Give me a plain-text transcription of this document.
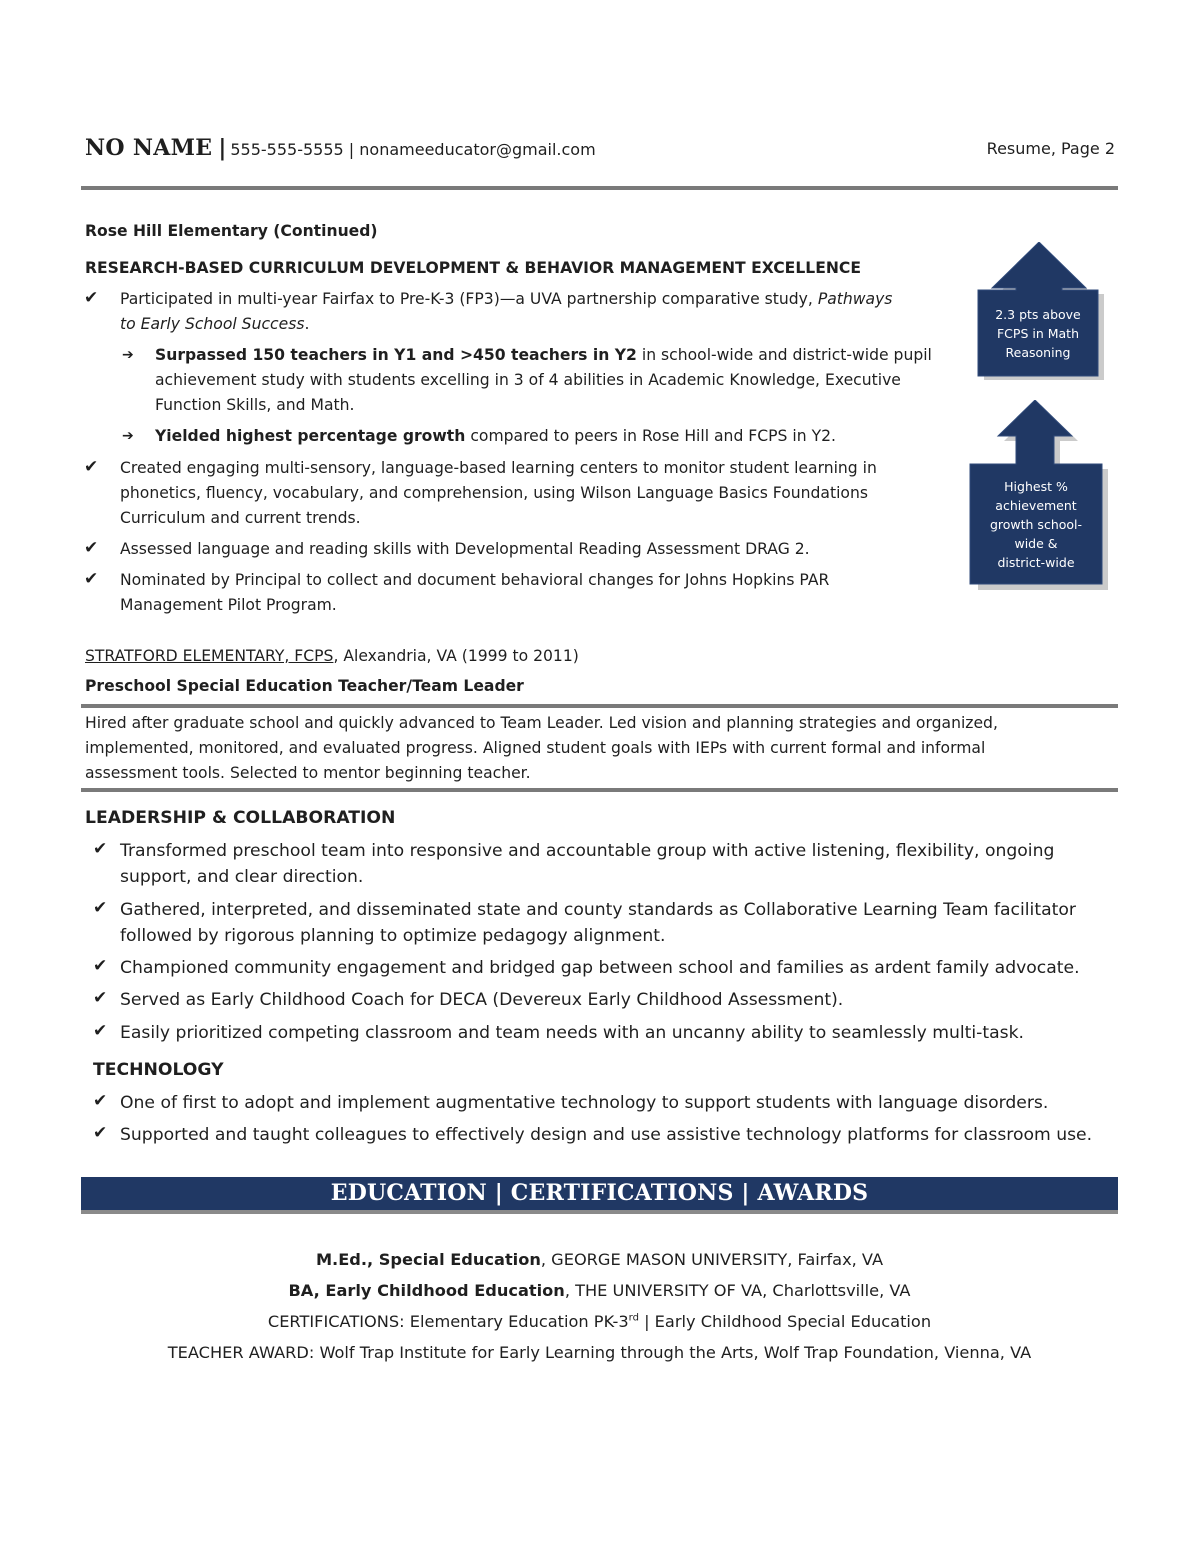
NO NAME | 555-555-5555 | nonameeducator@gmail.com	Resume, Page 2
Rose Hill Elementary (Continued)
RESEARCH-BASED CURRICULUM DEVELOPMENT & BEHAVIOR MANAGEMENT EXCELLENCE
✔ Participated in multi-year Fairfax to Pre-K-3 (FP3)—a UVA partnership comparative study, Pathways
to Early School Success.
➔ Surpassed 150 teachers in Y1 and >450 teachers in Y2 in school-wide and district-wide pupil
achievement study with students excelling in 3 of 4 abilities in Academic Knowledge, Executive
Function Skills, and Math.
➔ Yielded highest percentage growth compared to peers in Rose Hill and FCPS in Y2.
✔ Created engaging multi-sensory, language-based learning centers to monitor student learning in
phonetics, fluency, vocabulary, and comprehension, using Wilson Language Basics Foundations
Curriculum and current trends.
✔ Assessed language and reading skills with Developmental Reading Assessment DRAG 2.
✔ Nominated by Principal to collect and document behavioral changes for Johns Hopkins PAR
Management Pilot Program.
2.3 pts above
FCPS in Math
Reasoning
Highest %
achievement
growth school-
wide &
district-wide
STRATFORD ELEMENTARY, FCPS, Alexandria, VA (1999 to 2011)
Preschool Special Education Teacher/Team Leader
Hired after graduate school and quickly advanced to Team Leader. Led vision and planning strategies and organized,
implemented, monitored, and evaluated progress. Aligned student goals with IEPs with current formal and informal
assessment tools. Selected to mentor beginning teacher.
LEADERSHIP & COLLABORATION
✔ Transformed preschool team into responsive and accountable group with active listening, flexibility, ongoing
support, and clear direction.
✔ Gathered, interpreted, and disseminated state and county standards as Collaborative Learning Team facilitator
followed by rigorous planning to optimize pedagogy alignment.
✔ Championed community engagement and bridged gap between school and families as ardent family advocate.
✔ Served as Early Childhood Coach for DECA (Devereux Early Childhood Assessment).
✔ Easily prioritized competing classroom and team needs with an uncanny ability to seamlessly multi-task.
TECHNOLOGY
✔ One of first to adopt and implement augmentative technology to support students with language disorders.
✔ Supported and taught colleagues to effectively design and use assistive technology platforms for classroom use.
EDUCATION | CERTIFICATIONS | AWARDS
M.Ed., Special Education, GEORGE MASON UNIVERSITY, Fairfax, VA
BA, Early Childhood Education, THE UNIVERSITY OF VA, Charlottsville, VA
CERTIFICATIONS: Elementary Education PK-3rd | Early Childhood Special Education
TEACHER AWARD: Wolf Trap Institute for Early Learning through the Arts, Wolf Trap Foundation, Vienna, VA
